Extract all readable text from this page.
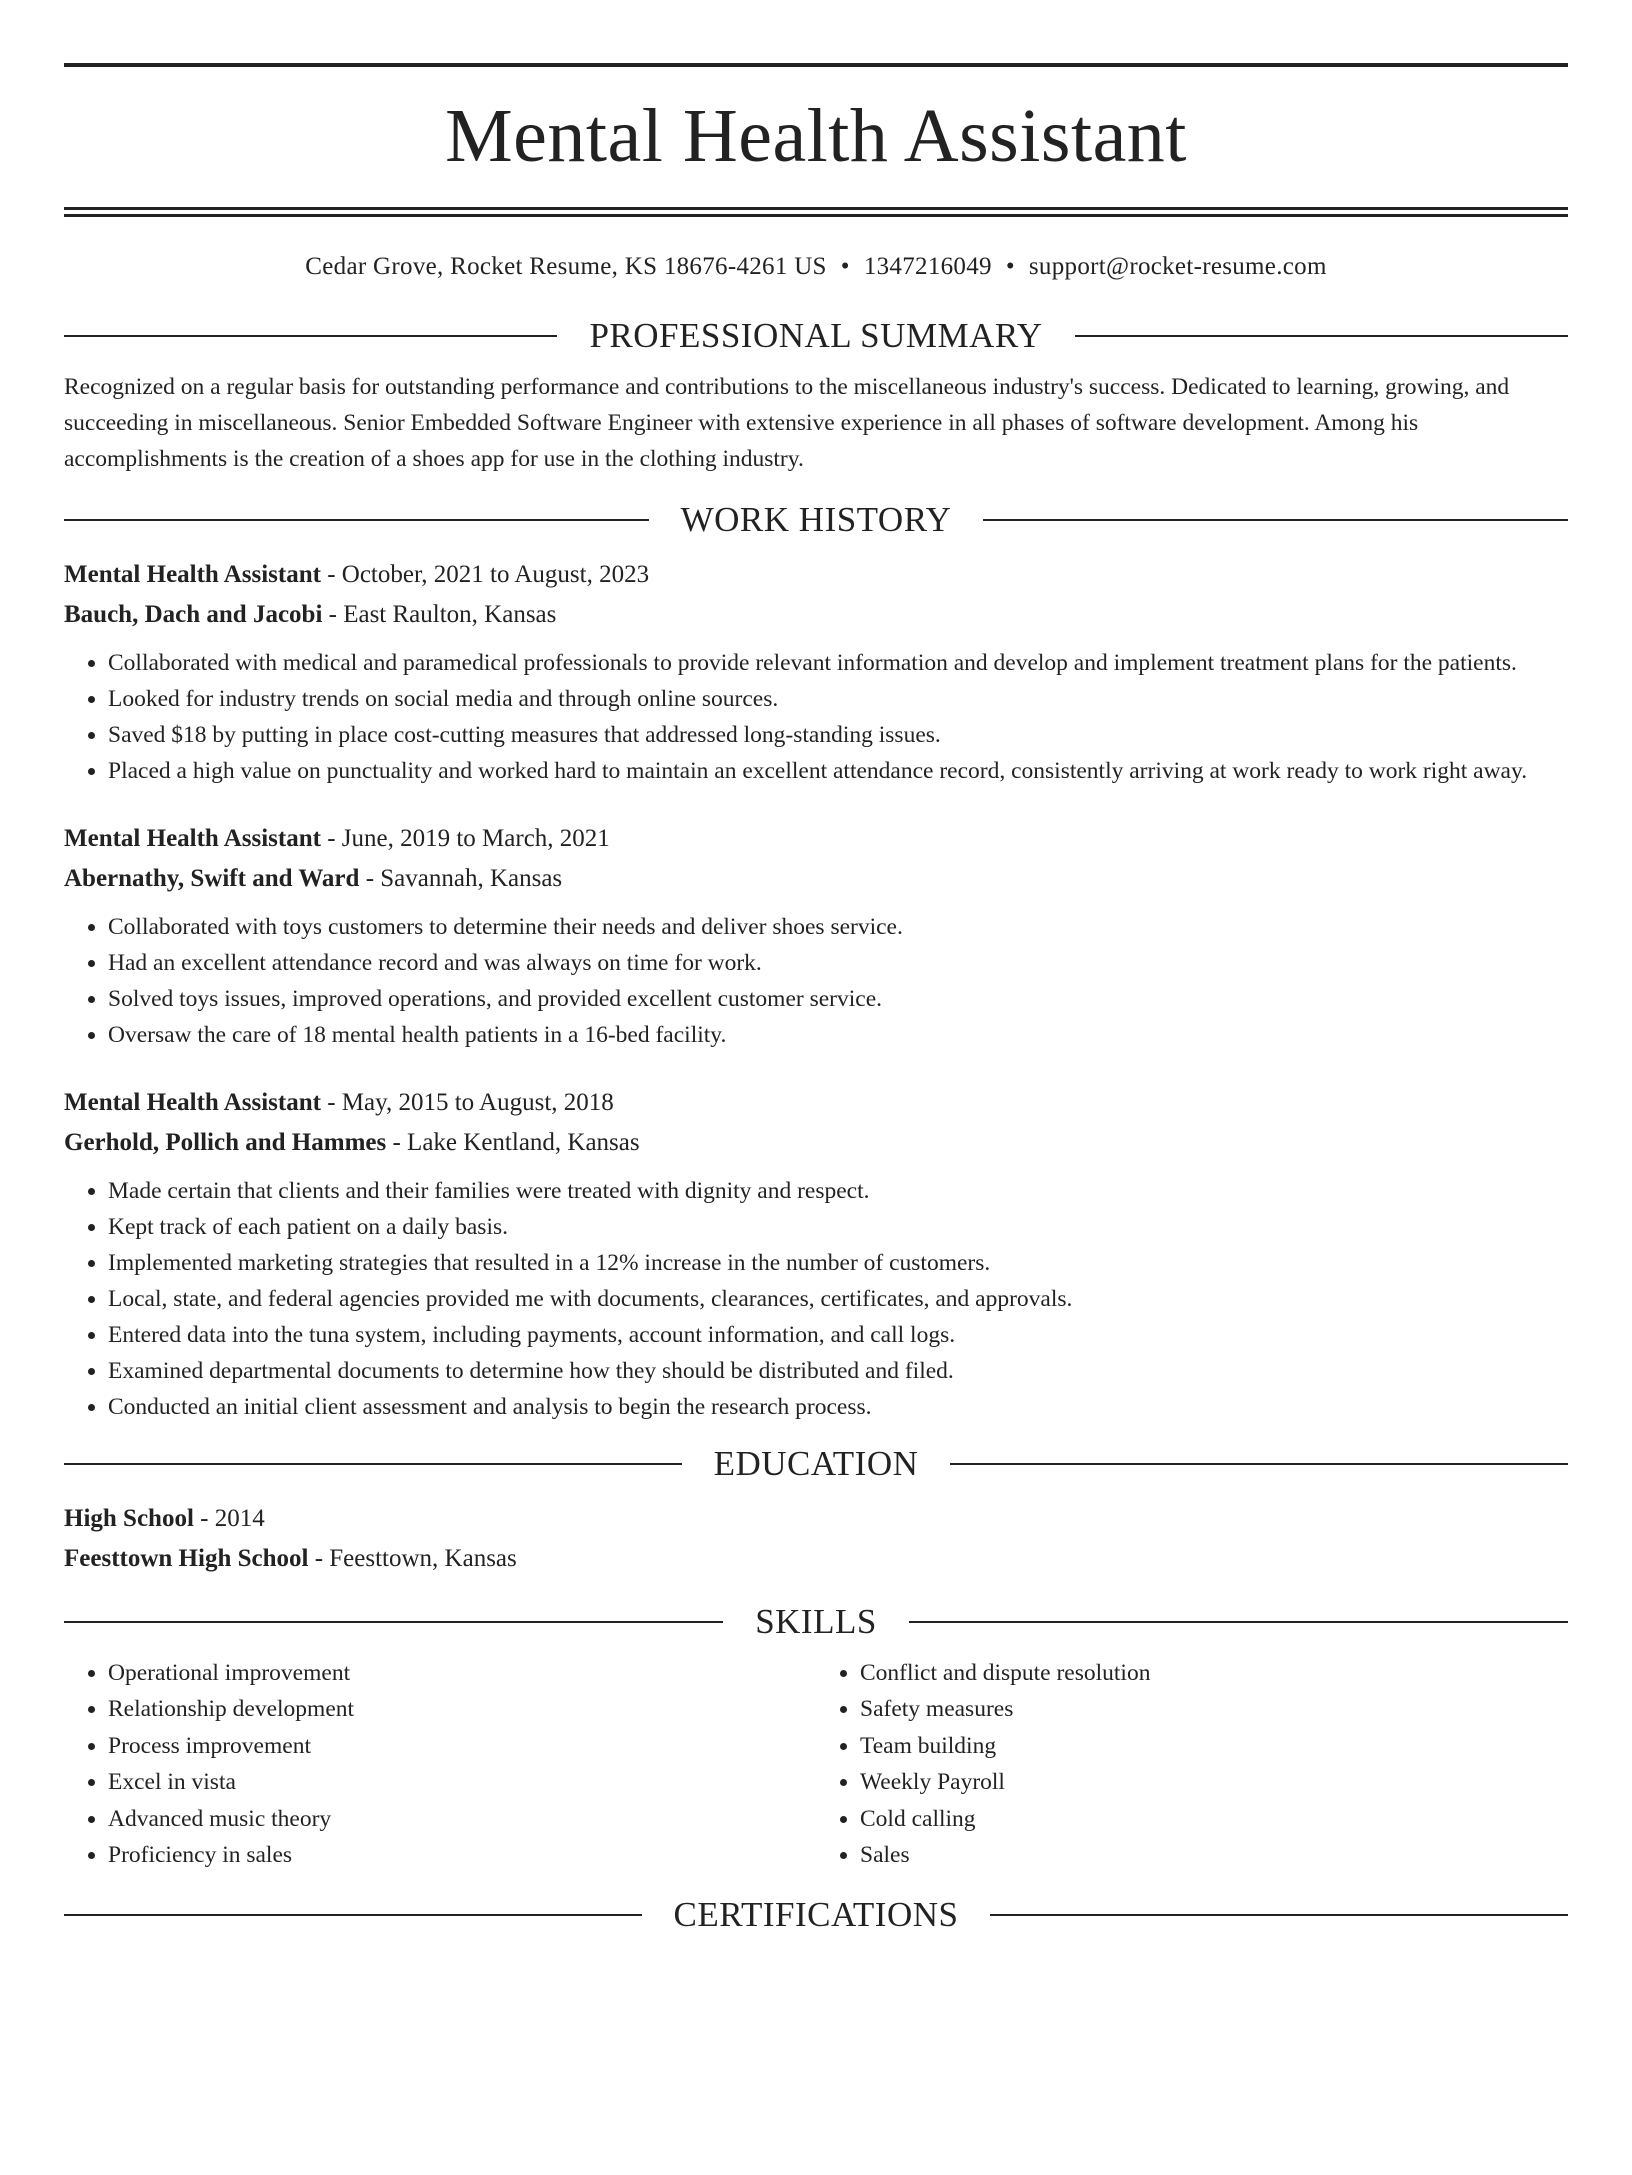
Mental Health Assistant
Cedar Grove, Rocket Resume, KS 18676-4261 US • 1347216049 • support@rocket-resume.com
PROFESSIONAL SUMMARY
Recognized on a regular basis for outstanding performance and contributions to the miscellaneous industry's success. Dedicated to learning, growing, and succeeding in miscellaneous. Senior Embedded Software Engineer with extensive experience in all phases of software development. Among his accomplishments is the creation of a shoes app for use in the clothing industry.
WORK HISTORY
Mental Health Assistant - October, 2021 to August, 2023
Bauch, Dach and Jacobi - East Raulton, Kansas
• Collaborated with medical and paramedical professionals to provide relevant information and develop and implement treatment plans for the patients.
• Looked for industry trends on social media and through online sources.
• Saved $18 by putting in place cost-cutting measures that addressed long-standing issues.
• Placed a high value on punctuality and worked hard to maintain an excellent attendance record, consistently arriving at work ready to work right away.
Mental Health Assistant - June, 2019 to March, 2021
Abernathy, Swift and Ward - Savannah, Kansas
• Collaborated with toys customers to determine their needs and deliver shoes service.
• Had an excellent attendance record and was always on time for work.
• Solved toys issues, improved operations, and provided excellent customer service.
• Oversaw the care of 18 mental health patients in a 16-bed facility.
Mental Health Assistant - May, 2015 to August, 2018
Gerhold, Pollich and Hammes - Lake Kentland, Kansas
• Made certain that clients and their families were treated with dignity and respect.
• Kept track of each patient on a daily basis.
• Implemented marketing strategies that resulted in a 12% increase in the number of customers.
• Local, state, and federal agencies provided me with documents, clearances, certificates, and approvals.
• Entered data into the tuna system, including payments, account information, and call logs.
• Examined departmental documents to determine how they should be distributed and filed.
• Conducted an initial client assessment and analysis to begin the research process.
EDUCATION
High School - 2014
Feesttown High School - Feesttown, Kansas
SKILLS
• Operational improvement
• Relationship development
• Process improvement
• Excel in vista
• Advanced music theory
• Proficiency in sales
• Conflict and dispute resolution
• Safety measures
• Team building
• Weekly Payroll
• Cold calling
• Sales
CERTIFICATIONS
